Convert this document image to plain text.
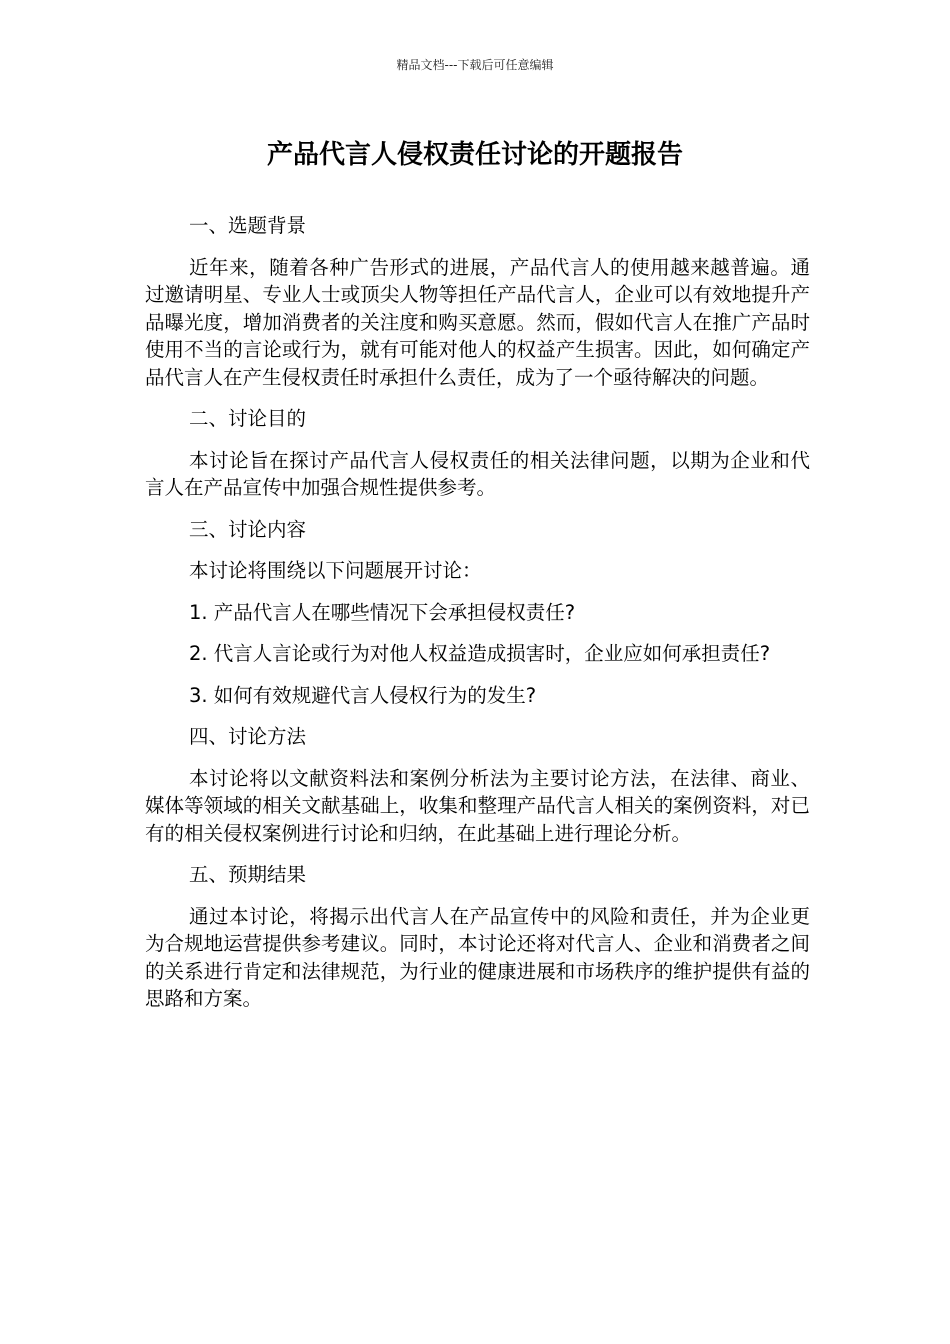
精品文档---下载后可任意编辑
产品代言人侵权责任讨论的开题报告

一、选题背景

近年来，随着各种广告形式的进展，产品代言人的使用越来越普遍。通过邀请明星、专业人士或顶尖人物等担任产品代言人，企业可以有效地提升产品曝光度，增加消费者的关注度和购买意愿。然而，假如代言人在推广产品时使用不当的言论或行为，就有可能对他人的权益产生损害。因此，如何确定产品代言人在产生侵权责任时承担什么责任，成为了一个亟待解决的问题。

二、讨论目的

本讨论旨在探讨产品代言人侵权责任的相关法律问题，以期为企业和代言人在产品宣传中加强合规性提供参考。

三、讨论内容

本讨论将围绕以下问题展开讨论：

1. 产品代言人在哪些情况下会承担侵权责任?

2. 代言人言论或行为对他人权益造成损害时，企业应如何承担责任?

3. 如何有效规避代言人侵权行为的发生?

四、讨论方法

本讨论将以文献资料法和案例分析法为主要讨论方法，在法律、商业、媒体等领域的相关文献基础上，收集和整理产品代言人相关的案例资料，对已有的相关侵权案例进行讨论和归纳，在此基础上进行理论分析。

五、预期结果

通过本讨论，将揭示出代言人在产品宣传中的风险和责任，并为企业更为合规地运营提供参考建议。同时，本讨论还将对代言人、企业和消费者之间的关系进行肯定和法律规范，为行业的健康进展和市场秩序的维护提供有益的思路和方案。
